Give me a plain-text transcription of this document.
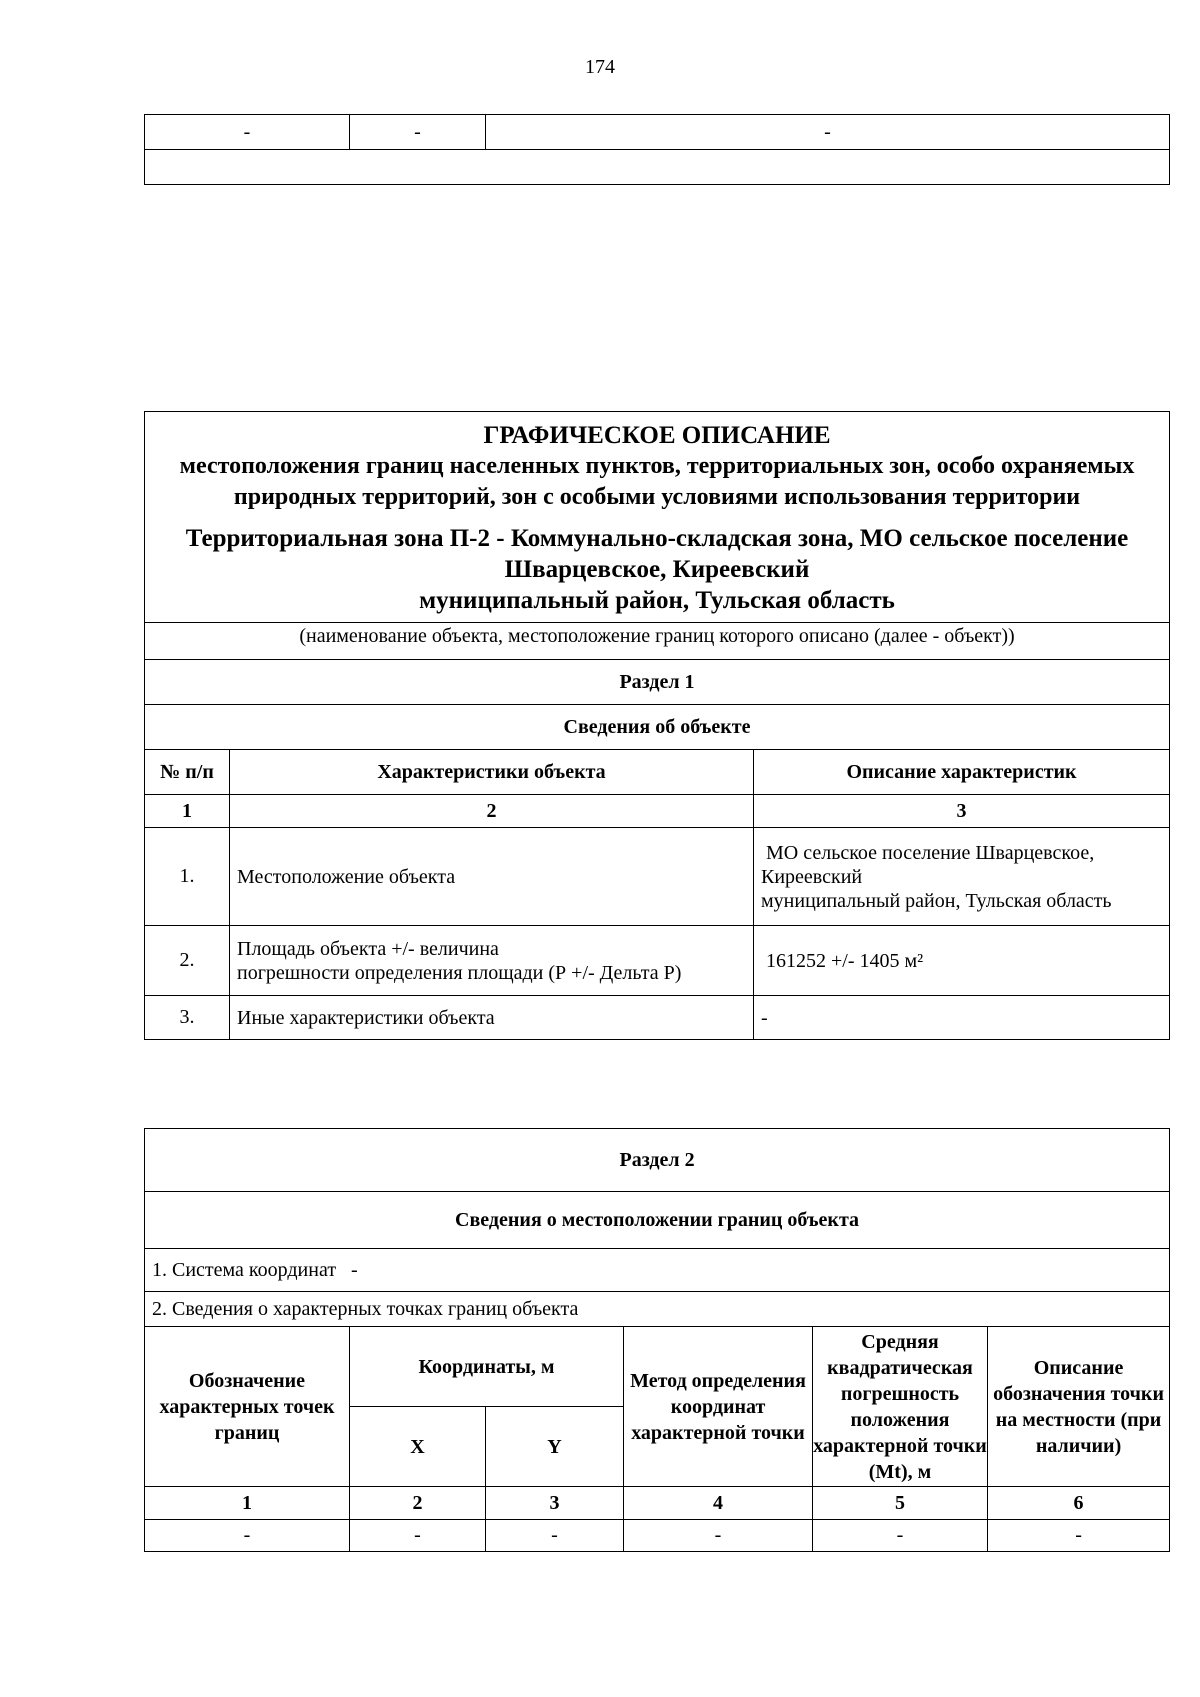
174
-	-	-

ГРАФИЧЕСКОЕ ОПИСАНИЕ
местоположения границ населенных пунктов, территориальных зон, особо охраняемых природных территорий, зон с особыми условиями использования территории
Территориальная зона П-2 - Коммунально-складская зона, МО сельское поселение Шварцевское, Киреевский
муниципальный район, Тульская область		

(наименование объекта, местоположение границ которого описано (далее - объект))		
Раздел 1		
Сведения об объекте		
№ п/п	Характеристики объекта	Описание характеристик
1	2	3
1.	Местоположение объекта	МО сельское поселение Шварцевское, Киреевский
муниципальный район, Тульская область

2.	Площадь объекта +/- величина
погрешности определения площади (Р +/- Дельта Р)	161252 +/- 1405 м²
3.	Иные характеристики объекта	-
Раздел 2					
Сведения о местоположении границ объекта					
1. Система координат   -					
2. Сведения о характерных точках границ объекта					
Обозначение характерных точек границ	Координаты, м		Метод определения координат характерной точки	Средняя квадратическая погрешность положения характерной точки (Mt), м	Описание обозначения точки на местности (при наличии)
	X	Y			
1	2	3	4	5	6
-	-	-	-	-	-
